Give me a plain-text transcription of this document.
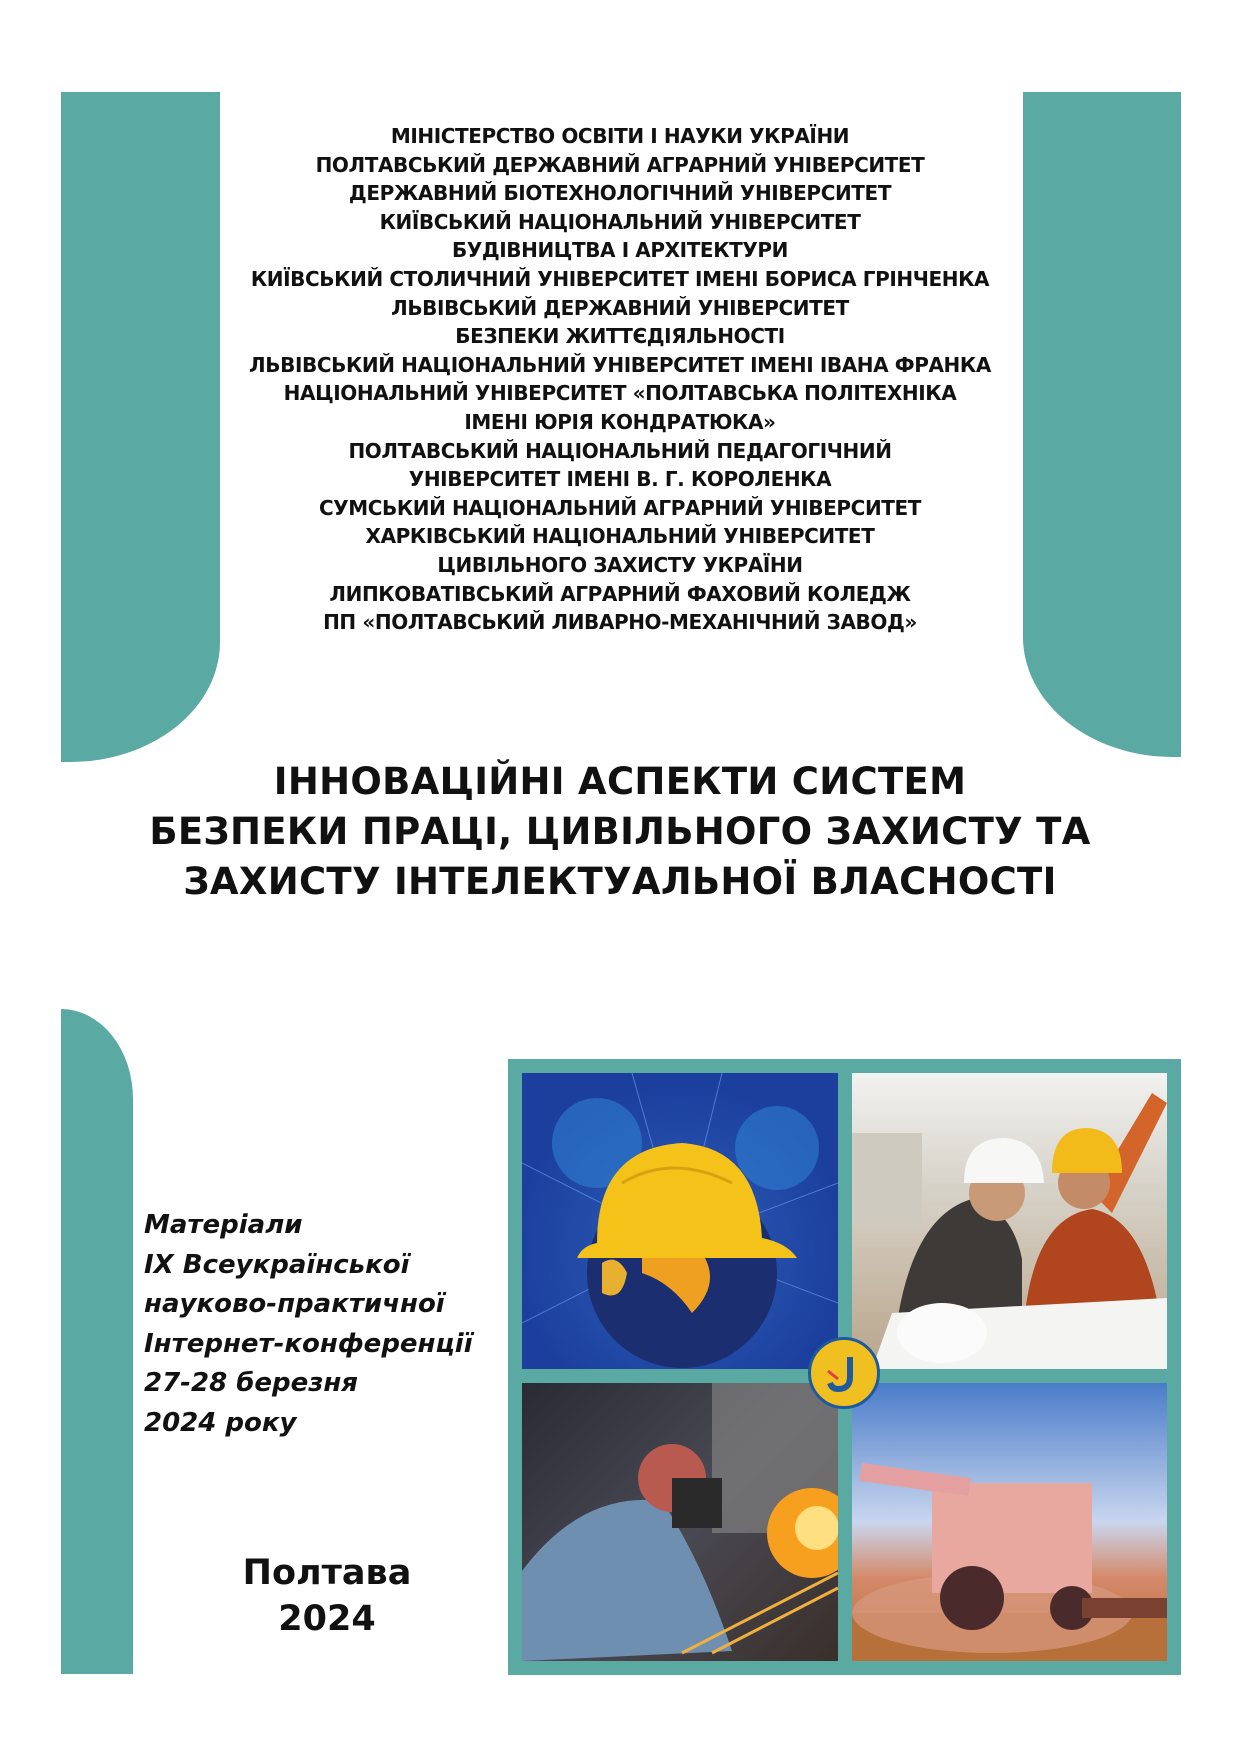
МІНІСТЕРСТВО ОСВІТИ І НАУКИ УКРАЇНИ
ПОЛТАВСЬКИЙ ДЕРЖАВНИЙ АГРАРНИЙ УНІВЕРСИТЕТ
ДЕРЖАВНИЙ БІОТЕХНОЛОГІЧНИЙ УНІВЕРСИТЕТ
КИЇВСЬКИЙ НАЦІОНАЛЬНИЙ УНІВЕРСИТЕТ
БУДІВНИЦТВА І АРХІТЕКТУРИ
КИЇВСЬКИЙ СТОЛИЧНИЙ УНІВЕРСИТЕТ ІМЕНІ БОРИСА ГРІНЧЕНКА
ЛЬВІВСЬКИЙ ДЕРЖАВНИЙ УНІВЕРСИТЕТ
БЕЗПЕКИ ЖИТТЄДІЯЛЬНОСТІ
ЛЬВІВСЬКИЙ НАЦІОНАЛЬНИЙ УНІВЕРСИТЕТ ІМЕНІ ІВАНА ФРАНКА
НАЦІОНАЛЬНИЙ УНІВЕРСИТЕТ «ПОЛТАВСЬКА ПОЛІТЕХНІКА
ІМЕНІ ЮРІЯ КОНДРАТЮКА»
ПОЛТАВСЬКИЙ НАЦІОНАЛЬНИЙ ПЕДАГОГІЧНИЙ
УНІВЕРСИТЕТ ІМЕНІ В. Г. КОРОЛЕНКА
СУМСЬКИЙ НАЦІОНАЛЬНИЙ АГРАРНИЙ УНІВЕРСИТЕТ
ХАРКІВСЬКИЙ НАЦІОНАЛЬНИЙ УНІВЕРСИТЕТ
ЦИВІЛЬНОГО ЗАХИСТУ УКРАЇНИ
ЛИПКОВАТІВСЬКИЙ АГРАРНИЙ ФАХОВИЙ КОЛЕДЖ
ПП «ПОЛТАВСЬКИЙ ЛИВАРНО-МЕХАНІЧНИЙ ЗАВОД»
ІННОВАЦІЙНІ АСПЕКТИ СИСТЕМ
БЕЗПЕКИ ПРАЦІ, ЦИВІЛЬНОГО ЗАХИСТУ ТА
ЗАХИСТУ ІНТЕЛЕКТУАЛЬНОЇ ВЛАСНОСТІ
Матеріали
IX Всеукраїнської
науково-практичної
Інтернет-конференції
27-28 березня
2024 року
Полтава
2024
